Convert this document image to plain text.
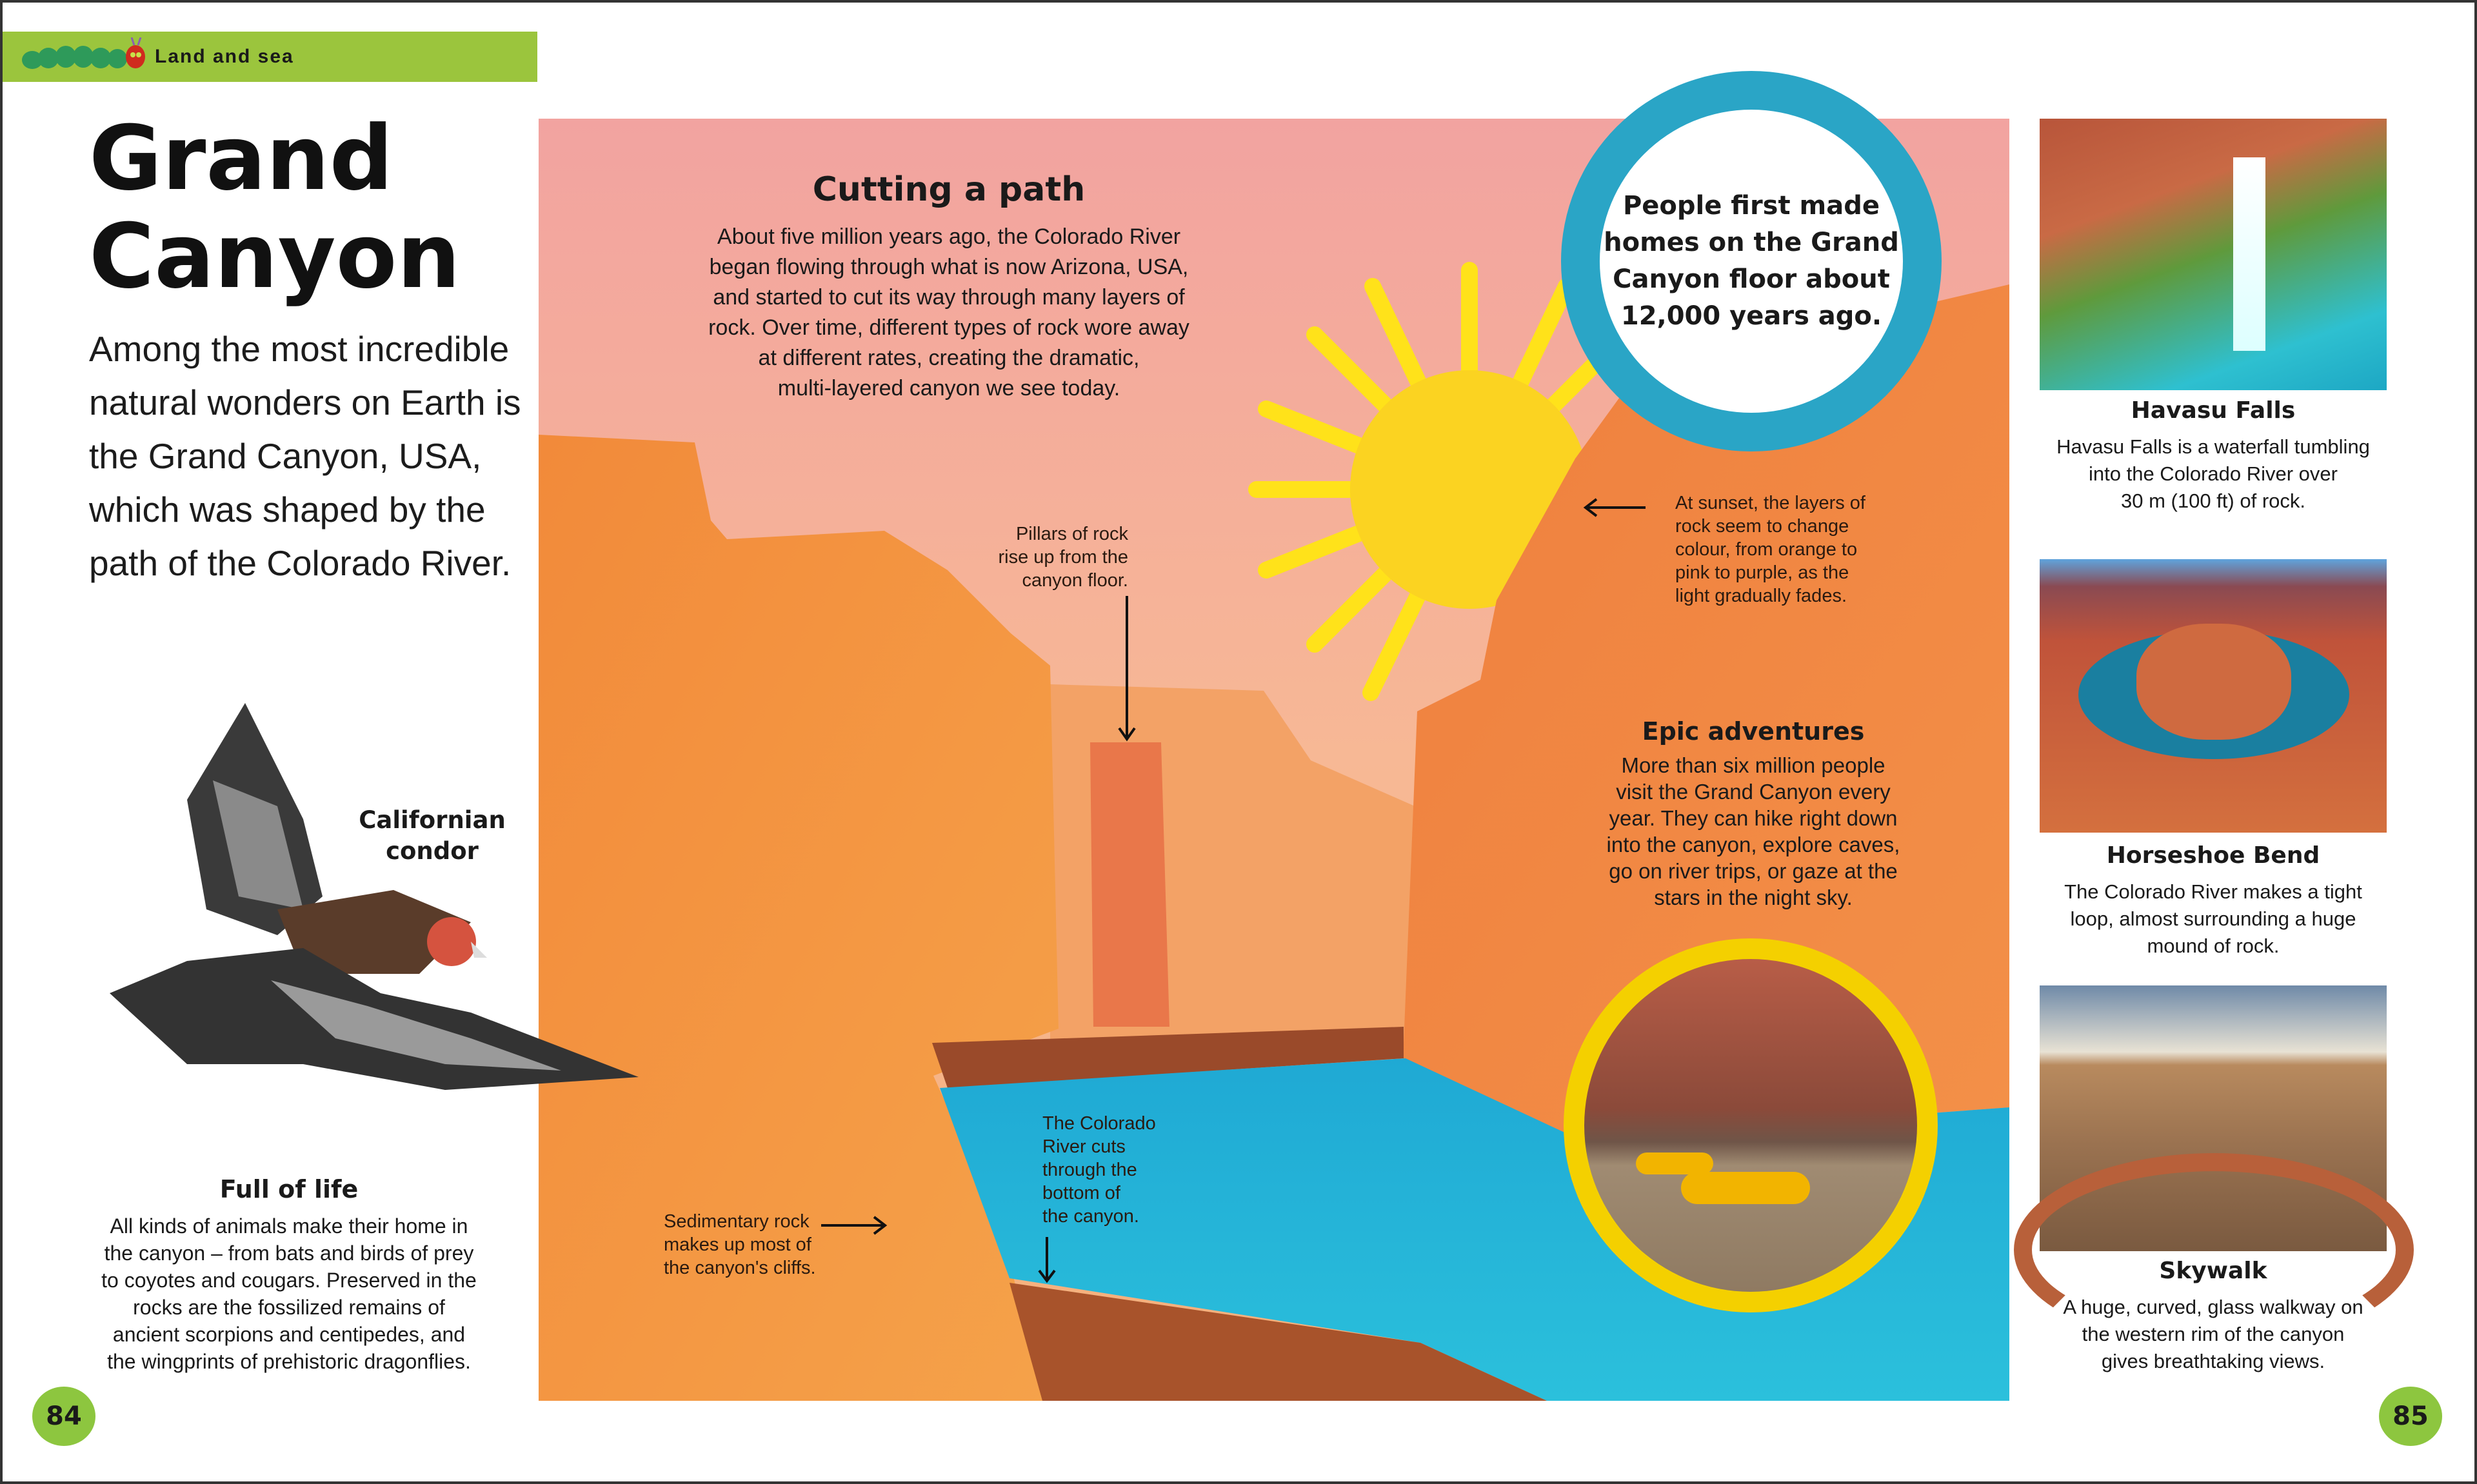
Land and sea
Grand
Canyon
Among the most incredible natural wonders on Earth is the Grand Canyon, USA, which was shaped by the path of the Colorado River.
Cutting a path
About five million years ago, the Colorado River
began flowing through what is now Arizona, USA,
and started to cut its way through many layers of
rock. Over time, different types of rock wore away
at different rates, creating the dramatic,
multi-layered canyon we see today.
Pillars of rock
rise up from the
canyon floor.
At sunset, the layers of
rock seem to change
colour, from orange to
pink to purple, as the
light gradually fades.
Epic adventures
More than six million people
visit the Grand Canyon every
year. They can hike right down
into the canyon, explore caves,
go on river trips, or gaze at the
stars in the night sky.
Sedimentary rock
makes up most of
the canyon's cliffs.
The Colorado
River cuts
through the
bottom of
the canyon.
People first made
homes on the Grand
Canyon floor about
12,000 years ago.
Californian
condor
Full of life
All kinds of animals make their home in
the canyon – from bats and birds of prey
to coyotes and cougars. Preserved in the
rocks are the fossilized remains of
ancient scorpions and centipedes, and
the wingprints of prehistoric dragonflies.
Havasu Falls
Havasu Falls is a waterfall tumbling
into the Colorado River over
30 m (100 ft) of rock.
Horseshoe Bend
The Colorado River makes a tight
loop, almost surrounding a huge
mound of rock.
Skywalk
A huge, curved, glass walkway on
the western rim of the canyon
gives breathtaking views.
84	85
